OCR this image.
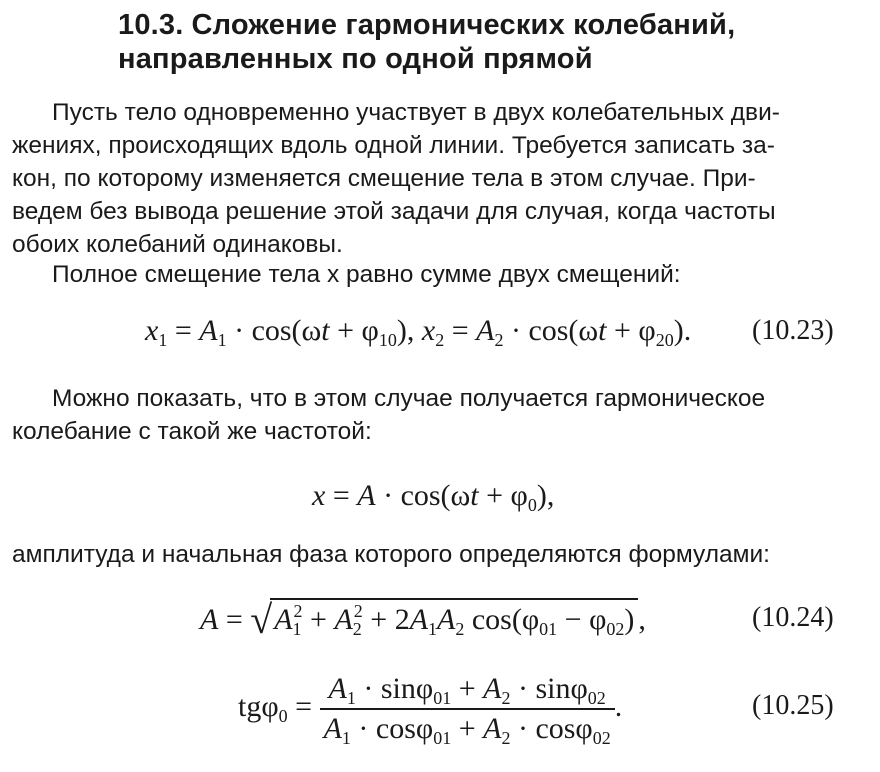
10.3. Сложение гармонических колебаний,
направленных по одной прямой
Пусть тело одновременно участвует в двух колебательных дви-
жениях, происходящих вдоль одной линии. Требуется записать за-
кон, по которому изменяется смещение тела в этом случае. При-
ведем без вывода решение этой задачи для случая, когда частоты
обоих колебаний одинаковы.
Полное смещение тела x равно сумме двух смещений:
$x_1 = A_1 \cdot \cos(\omega t + \varphi_{10})$, $x_2 = A_2 \cdot \cos(\omega t + \varphi_{20})$. (10.23)
Можно показать, что в этом случае получается гармоническое
колебание с такой же частотой:
$x = A \cdot \cos(\omega t + \varphi_0)$,
амплитуда и начальная фаза которого определяются формулами:
$A = √A_1^2 + A_2^2 + 2A_1A_2$ $\cos(\varphi_{01} - \varphi_{02})$ ,	(10.24)
$tg\varphi_0 = \frac{A_1 \cdot \sin\varphi_{01} + A_2 \cdot \sin\varphi_{02}}{A_1 \cdot \cos\varphi_{01} + A_2 \cdot \cos\varphi_{02}}$ .	(10.25)
